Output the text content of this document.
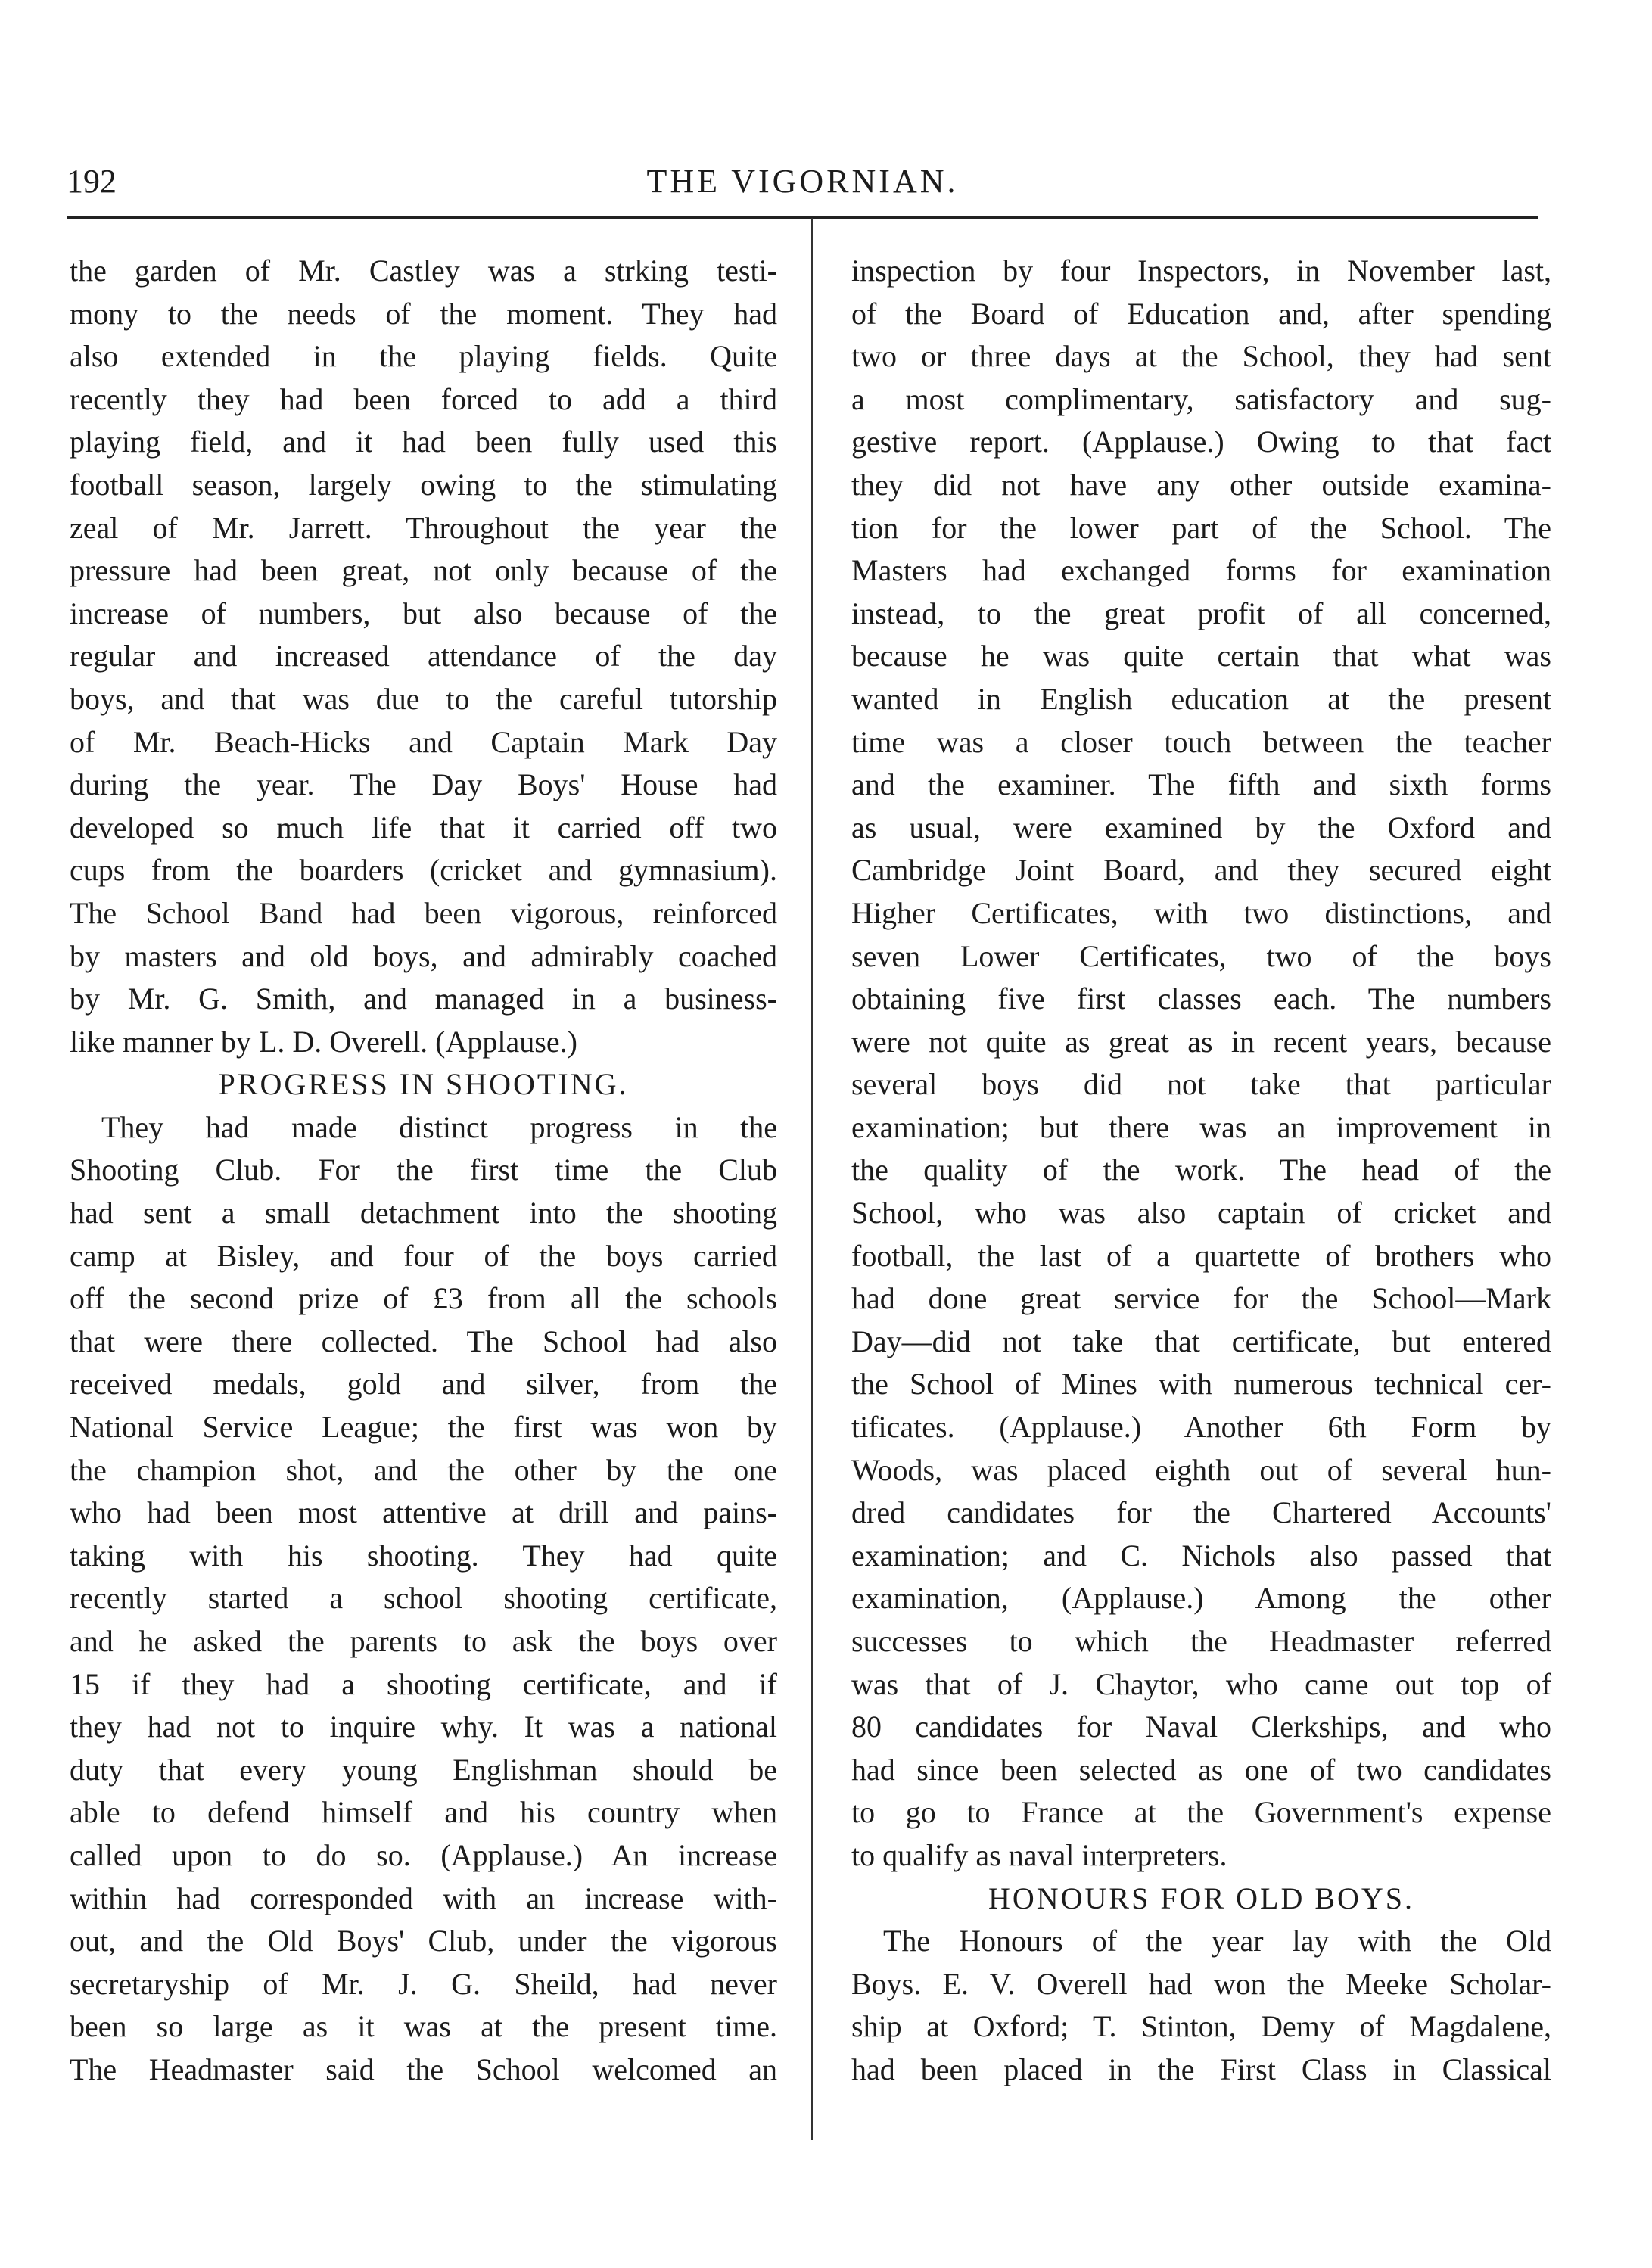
192	THE VIGORNIAN.
the garden of Mr. Castley was a strking testi-
mony to the needs of the moment. They had
also extended in the playing fields. Quite
recently they had been forced to add a third
playing field, and it had been fully used this
football season, largely owing to the stimulating
zeal of Mr. Jarrett. Throughout the year the
pressure had been great, not only because of the
increase of numbers, but also because of the
regular and increased attendance of the day
boys, and that was due to the careful tutorship
of Mr. Beach-Hicks and Captain Mark Day
during the year. The Day Boys' House had
developed so much life that it carried off two
cups from the boarders (cricket and gymnasium).
The School Band had been vigorous, reinforced
by masters and old boys, and admirably coached
by Mr. G. Smith, and managed in a business-
like manner by L. D. Overell. (Applause.)
PROGRESS IN SHOOTING.
They had made distinct progress in the
Shooting Club. For the first time the Club
had sent a small detachment into the shooting
camp at Bisley, and four of the boys carried
off the second prize of £3 from all the schools
that were there collected. The School had also
received medals, gold and silver, from the
National Service League; the first was won by
the champion shot, and the other by the one
who had been most attentive at drill and pains-
taking with his shooting. They had quite
recently started a school shooting certificate,
and he asked the parents to ask the boys over
15 if they had a shooting certificate, and if
they had not to inquire why. It was a national
duty that every young Englishman should be
able to defend himself and his country when
called upon to do so. (Applause.) An increase
within had corresponded with an increase with-
out, and the Old Boys' Club, under the vigorous
secretaryship of Mr. J. G. Sheild, had never
been so large as it was at the present time.
The Headmaster said the School welcomed an
inspection by four Inspectors, in November last,
of the Board of Education and, after spending
two or three days at the School, they had sent
a most complimentary, satisfactory and sug-
gestive report. (Applause.) Owing to that fact
they did not have any other outside examina-
tion for the lower part of the School. The
Masters had exchanged forms for examination
instead, to the great profit of all concerned,
because he was quite certain that what was
wanted in English education at the present
time was a closer touch between the teacher
and the examiner. The fifth and sixth forms
as usual, were examined by the Oxford and
Cambridge Joint Board, and they secured eight
Higher Certificates, with two distinctions, and
seven Lower Certificates, two of the boys
obtaining five first classes each. The numbers
were not quite as great as in recent years, because
several boys did not take that particular
examination; but there was an improvement in
the quality of the work. The head of the
School, who was also captain of cricket and
football, the last of a quartette of brothers who
had done great service for the School—Mark
Day—did not take that certificate, but entered
the School of Mines with numerous technical cer-
tificates. (Applause.) Another 6th Form by
Woods, was placed eighth out of several hun-
dred candidates for the Chartered Accounts'
examination; and C. Nichols also passed that
examination, (Applause.) Among the other
successes to which the Headmaster referred
was that of J. Chaytor, who came out top of
80 candidates for Naval Clerkships, and who
had since been selected as one of two candidates
to go to France at the Government's expense
to qualify as naval interpreters.
HONOURS FOR OLD BOYS.
The Honours of the year lay with the Old
Boys. E. V. Overell had won the Meeke Scholar-
ship at Oxford; T. Stinton, Demy of Magdalene,
had been placed in the First Class in Classical
